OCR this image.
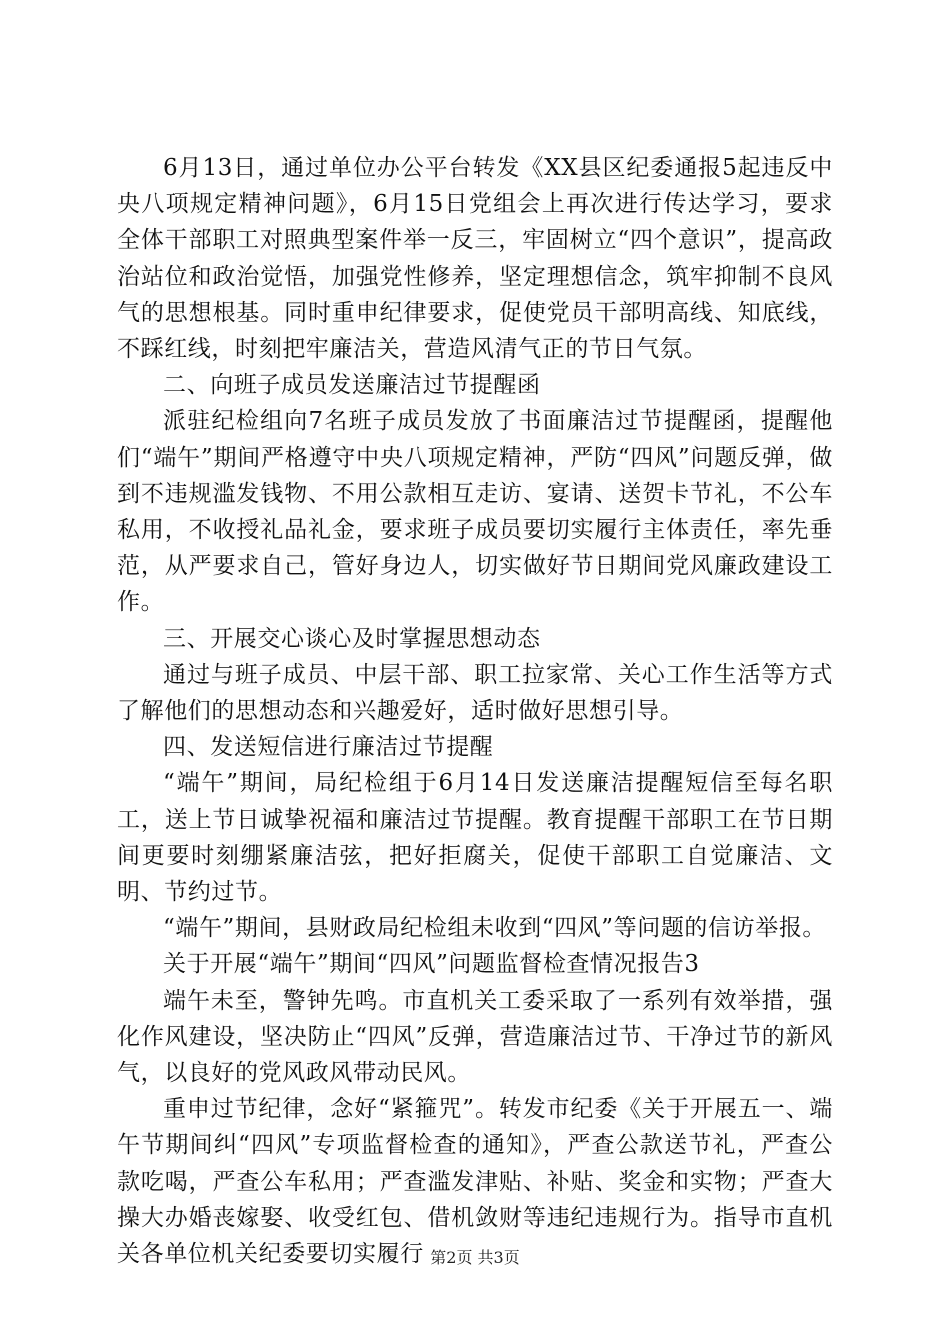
6月13日，通过单位办公平台转发《XX县区纪委通报5起违反中央八项规定精神问题》，6月15日党组会上再次进行传达学习，要求全体干部职工对照典型案件举一反三，牢固树立“四个意识”，提高政治站位和政治觉悟，加强党性修养，坚定理想信念，筑牢抑制不良风气的思想根基。同时重申纪律要求，促使党员干部明高线、知底线，不踩红线，时刻把牢廉洁关，营造风清气正的节日气氛。

二、向班子成员发送廉洁过节提醒函

派驻纪检组向7名班子成员发放了书面廉洁过节提醒函，提醒他们“端午”期间严格遵守中央八项规定精神，严防“四风”问题反弹，做到不违规滥发钱物、不用公款相互走访、宴请、送贺卡节礼，不公车私用，不收授礼品礼金，要求班子成员要切实履行主体责任，率先垂范，从严要求自己，管好身边人，切实做好节日期间党风廉政建设工作。

三、开展交心谈心及时掌握思想动态

通过与班子成员、中层干部、职工拉家常、关心工作生活等方式了解他们的思想动态和兴趣爱好，适时做好思想引导。

四、发送短信进行廉洁过节提醒

“端午”期间，局纪检组于6月14日发送廉洁提醒短信至每名职工，送上节日诚挚祝福和廉洁过节提醒。教育提醒干部职工在节日期间更要时刻绷紧廉洁弦，把好拒腐关，促使干部职工自觉廉洁、文明、节约过节。

“端午”期间，县财政局纪检组未收到“四风”等问题的信访举报。

关于开展“端午”期间“四风”问题监督检查情况报告3

端午未至，警钟先鸣。市直机关工委采取了一系列有效举措，强化作风建设，坚决防止“四风”反弹，营造廉洁过节、干净过节的新风气，以良好的党风政风带动民风。

重申过节纪律，念好“紧箍咒”。转发市纪委《关于开展五一、端午节期间纠“四风”专项监督检查的通知》，严查公款送节礼，严查公款吃喝，严查公车私用；严查滥发津贴、补贴、奖金和实物；严查大操大办婚丧嫁娶、收受红包、借机敛财等违纪违规行为。指导市直机关各单位机关纪委要切实履行 第2页 共3页
